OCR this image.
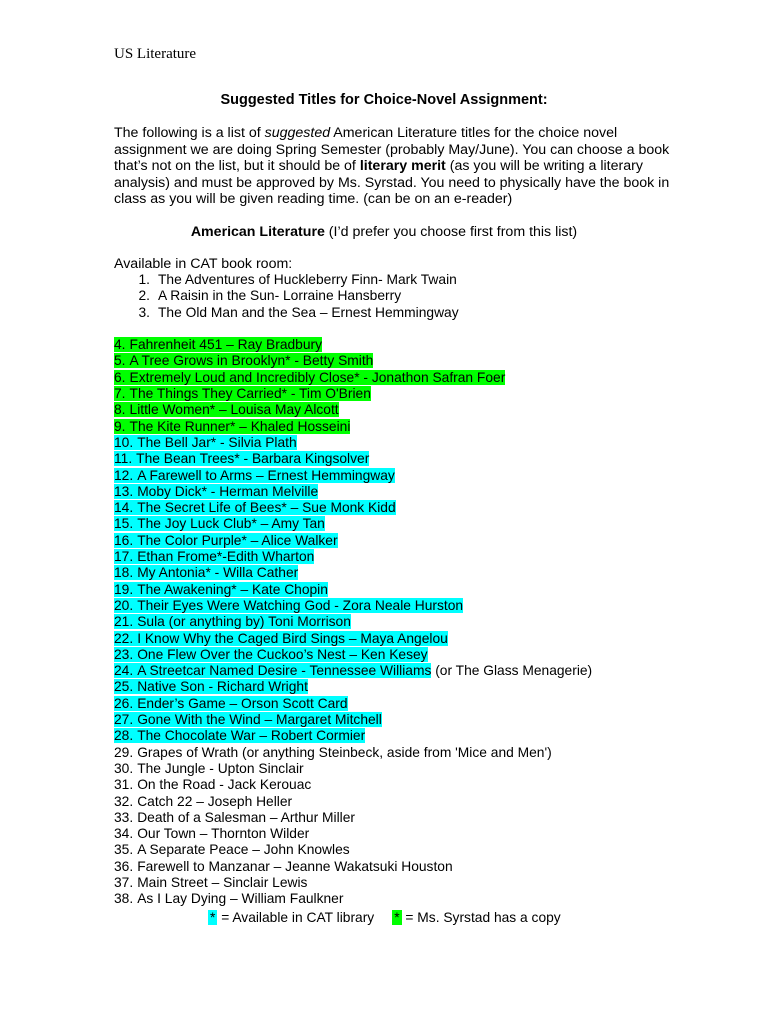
US Literature
Suggested Titles for Choice-Novel Assignment:
The following is a list of suggested American Literature titles for the choice novel assignment we are doing Spring Semester (probably May/June). You can choose a book that’s not on the list, but it should be of literary merit (as you will be writing a literary analysis) and must be approved by Ms. Syrstad. You need to physically have the book in class as you will be given reading time. (can be on an e-reader)
American Literature (I’d prefer you choose first from this list)
Available in CAT book room:
1. The Adventures of Huckleberry Finn- Mark Twain
2. A Raisin in the Sun- Lorraine Hansberry
3. The Old Man and the Sea – Ernest Hemmingway
4. Fahrenheit 451 – Ray Bradbury
5. A Tree Grows in Brooklyn* - Betty Smith
6. Extremely Loud and Incredibly Close* - Jonathon Safran Foer
7. The Things They Carried* - Tim O'Brien
8. Little Women* – Louisa May Alcott
9. The Kite Runner* – Khaled Hosseini
10. The Bell Jar* - Silvia Plath
11. The Bean Trees* - Barbara Kingsolver
12. A Farewell to Arms – Ernest Hemmingway
13. Moby Dick* - Herman Melville
14. The Secret Life of Bees* – Sue Monk Kidd
15. The Joy Luck Club* – Amy Tan
16. The Color Purple* – Alice Walker
17. Ethan Frome*-Edith Wharton
18. My Antonia* - Willa Cather
19. The Awakening* – Kate Chopin
20. Their Eyes Were Watching God - Zora Neale Hurston
21. Sula (or anything by) Toni Morrison
22. I Know Why the Caged Bird Sings – Maya Angelou
23. One Flew Over the Cuckoo’s Nest – Ken Kesey
24. A Streetcar Named Desire - Tennessee Williams (or The Glass Menagerie)
25. Native Son - Richard Wright
26. Ender’s Game – Orson Scott Card
27. Gone With the Wind – Margaret Mitchell
28. The Chocolate War – Robert Cormier
29. Grapes of Wrath (or anything Steinbeck, aside from 'Mice and Men')
30. The Jungle - Upton Sinclair
31. On the Road - Jack Kerouac
32. Catch 22 – Joseph Heller
33. Death of a Salesman – Arthur Miller
34. Our Town – Thornton Wilder
35. A Separate Peace – John Knowles
36. Farewell to Manzanar – Jeanne Wakatsuki Houston
37. Main Street – Sinclair Lewis
38. As I Lay Dying – William Faulkner
* = Available in CAT library * = Ms. Syrstad has a copy
